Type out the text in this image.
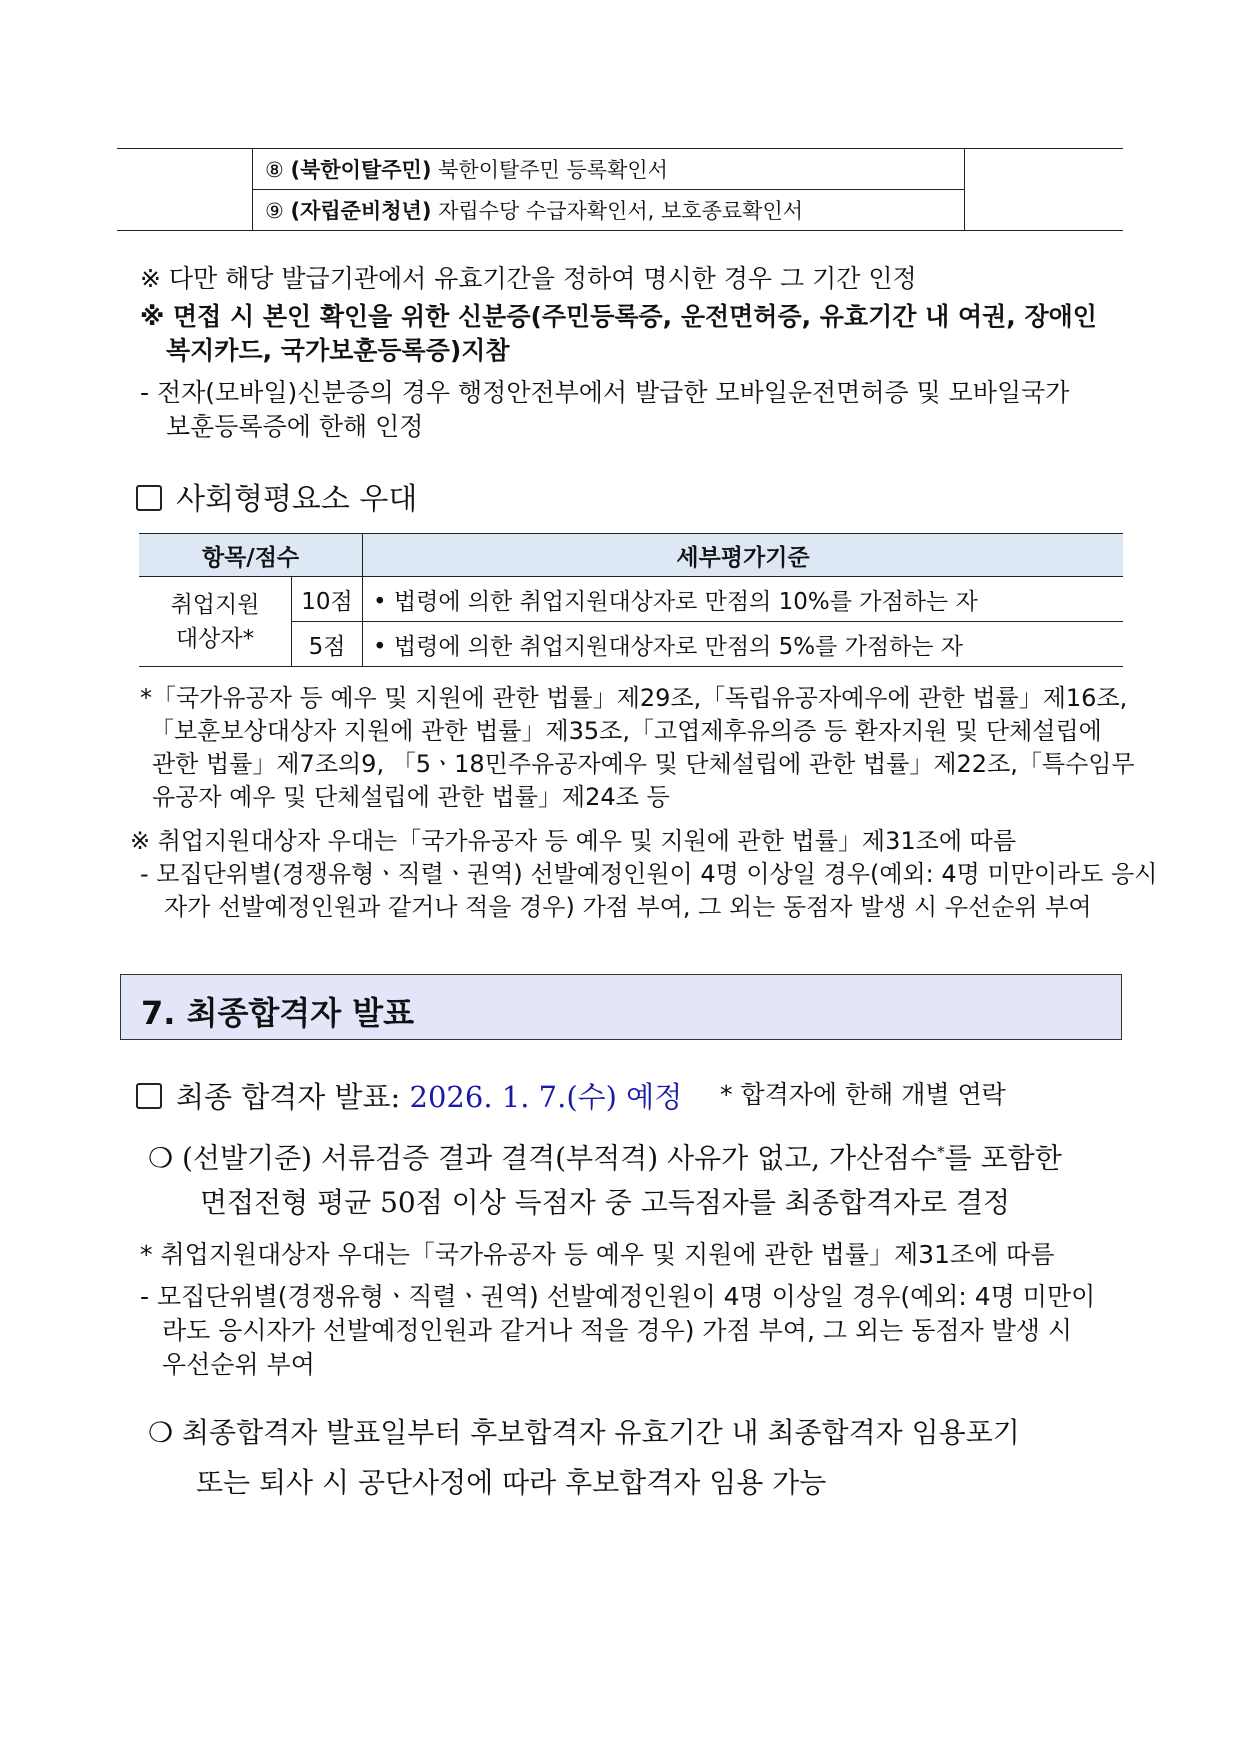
	⑧ (북한이탈주민) 북한이탈주민 등록확인서	
	⑨ (자립준비청년) 자립수당 수급자확인서, 보호종료확인서	
※ 다만 해당 발급기관에서 유효기간을 정하여 명시한 경우 그 기간 인정
※ 면접 시 본인 확인을 위한 신분증(주민등록증, 운전면허증, 유효기간 내 여권, 장애인
복지카드, 국가보훈등록증)지참
- 전자(모바일)신분증의 경우 행정안전부에서 발급한 모바일운전면허증 및 모바일국가
보훈등록증에 한해 인정
사회형평요소 우대
항목/점수		세부평가기준
취업지원
대상자*	10점	• 법령에 의한 취업지원대상자로 만점의 10%를 가점하는 자
	5점	• 법령에 의한 취업지원대상자로 만점의 5%를 가점하는 자
*「국가유공자 등 예우 및 지원에 관한 법률」제29조,「독립유공자예우에 관한 법률」제16조,
「보훈보상대상자 지원에 관한 법률」제35조,「고엽제후유의증 등 환자지원 및 단체설립에
관한 법률」제7조의9, 「5ㆍ18민주유공자예우 및 단체설립에 관한 법률」제22조,「특수임무
유공자 예우 및 단체설립에 관한 법률」제24조 등
※ 취업지원대상자 우대는「국가유공자 등 예우 및 지원에 관한 법률」제31조에 따름
- 모집단위별(경쟁유형ㆍ직렬ㆍ권역) 선발예정인원이 4명 이상일 경우(예외: 4명 미만이라도 응시
자가 선발예정인원과 같거나 적을 경우) 가점 부여, 그 외는 동점자 발생 시 우선순위 부여
7. 최종합격자 발표
최종 합격자 발표: 2026. 1. 7.(수) 예정 * 합격자에 한해 개별 연락
❍ (선발기준) 서류검증 결과 결격(부적격) 사유가 없고, 가산점수*를 포함한
면접전형 평균 50점 이상 득점자 중 고득점자를 최종합격자로 결정
* 취업지원대상자 우대는「국가유공자 등 예우 및 지원에 관한 법률」제31조에 따름
- 모집단위별(경쟁유형ㆍ직렬ㆍ권역) 선발예정인원이 4명 이상일 경우(예외: 4명 미만이
라도 응시자가 선발예정인원과 같거나 적을 경우) 가점 부여, 그 외는 동점자 발생 시
우선순위 부여
❍ 최종합격자 발표일부터 후보합격자 유효기간 내 최종합격자 임용포기
또는 퇴사 시 공단사정에 따라 후보합격자 임용 가능
